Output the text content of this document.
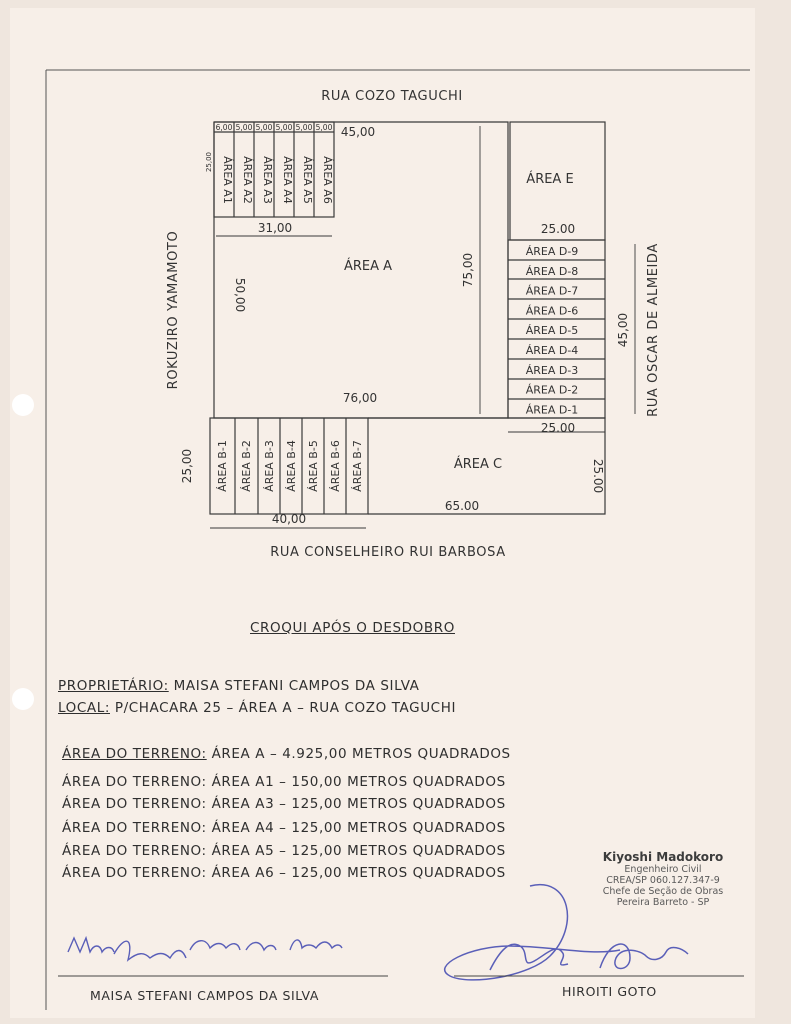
RUA COZO TAGUCHI
ROKUZIRO YAMAMOTO	RUA OSCAR DE ALMEIDA
RUA CONSELHEIRO RUI BARBOSA
ÁREA A
45,00
31,00
50,00
75,00
76,00
25,00
6,00 5,00 5,00 5,00 5,00 5,00
ÁREA A1 ÁREA A2 ÁREA A3 ÁREA A4 ÁREA A5 ÁREA A6	ÁREA E
25.00
ÁREA D-9
ÁREA D-8
ÁREA D-7
ÁREA D-6
ÁREA D-5
ÁREA D-4
ÁREA D-3
ÁREA D-2
ÁREA D-1
25.00
45,00
ÁREA B-1 ÁREA B-2 ÁREA B-3 ÁREA B-4 ÁREA B-5 ÁREA B-6 ÁREA B-7
25,00
40,00
ÁREA C
65.00
25.00
CROQUI APÓS O DESDOBRO
PROPRIETÁRIO: MAISA STEFANI CAMPOS DA SILVA
LOCAL: P/CHACARA 25 – ÁREA A – RUA COZO TAGUCHI
ÁREA DO TERRENO: ÁREA A – 4.925,00 METROS QUADRADOS
ÁREA DO TERRENO: ÁREA A1 – 150,00 METROS QUADRADOS
ÁREA DO TERRENO: ÁREA A3 – 125,00 METROS QUADRADOS
ÁREA DO TERRENO: ÁREA A4 – 125,00 METROS QUADRADOS
ÁREA DO TERRENO: ÁREA A5 – 125,00 METROS QUADRADOS
ÁREA DO TERRENO: ÁREA A6 – 125,00 METROS QUADRADOS
Kiyoshi Madokoro
Engenheiro Civil
CREA/SP 060.127.347-9
Chefe de Seção de Obras
Pereira Barreto - SP
MAISA STEFANI CAMPOS DA SILVA	HIROITI GOTO
